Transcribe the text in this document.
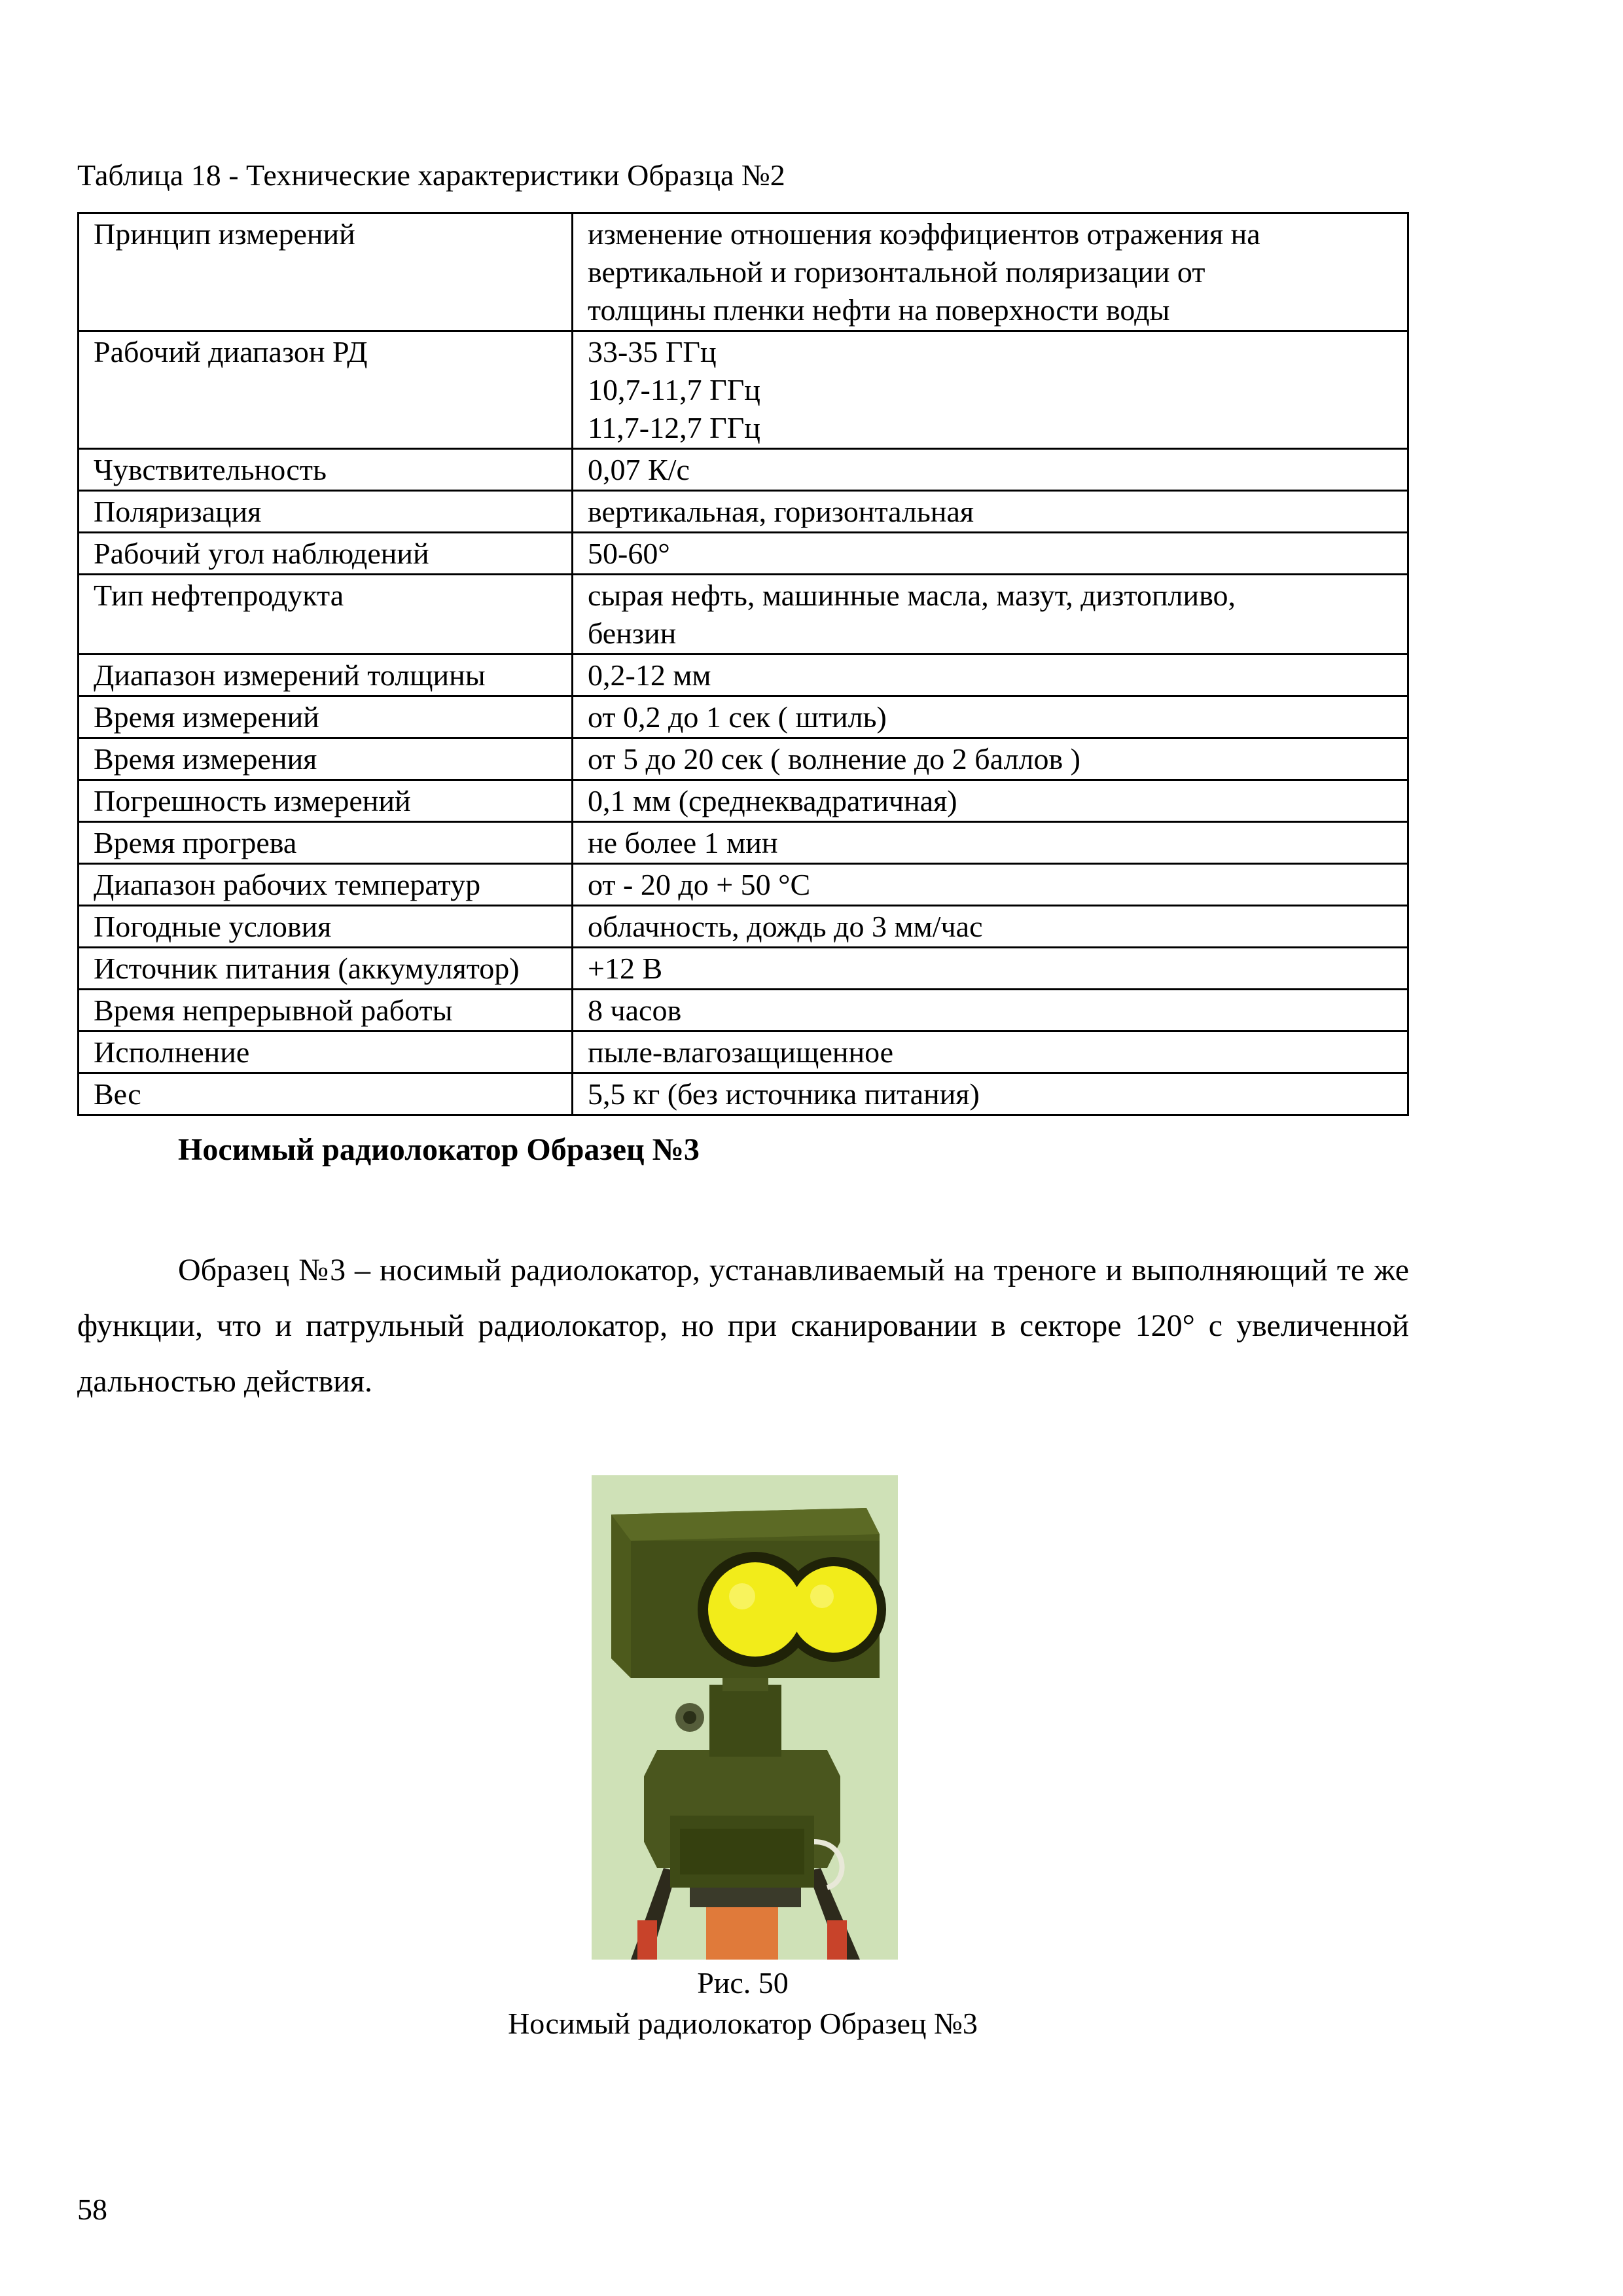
Таблица 18 - Технические характеристики Образца №2
Принцип измерений	изменение отношения коэффициентов отражения на
вертикальной и горизонтальной поляризации от
толщины пленки нефти на поверхности воды

Рабочий диапазон РД	33-35 ГГц
10,7-11,7 ГГц
11,7-12,7 ГГц

Чувствительность	0,07 К/с

Поляризация	вертикальная, горизонтальная

Рабочий угол наблюдений	50-60°

Тип нефтепродукта	сырая нефть, машинные масла, мазут, дизтопливо,
бензин

Диапазон измерений толщины	0,2-12 мм

Время измерений	от 0,2 до 1 сек ( штиль)

Время измерения	от 5 до 20 сек ( волнение до 2 баллов )

Погрешность измерений	0,1 мм (среднеквадратичная)

Время прогрева	не более 1 мин

Диапазон рабочих температур	от - 20 до + 50 °С

Погодные условия	облачность, дождь до 3 мм/час

Источник питания (аккумулятор)	+12 В

Время непрерывной работы	8 часов

Исполнение	пыле-влагозащищенное

Вес	5,5 кг (без источника питания)
Носимый радиолокатор Образец №3
Образец №3 – носимый радиолокатор, устанавливаемый на треноге и выполняющий те же функции, что и патрульный радиолокатор, но при сканировании в секторе 120° с увеличенной дальностью действия.
Рис. 50
Носимый радиолокатор Образец №3
58
